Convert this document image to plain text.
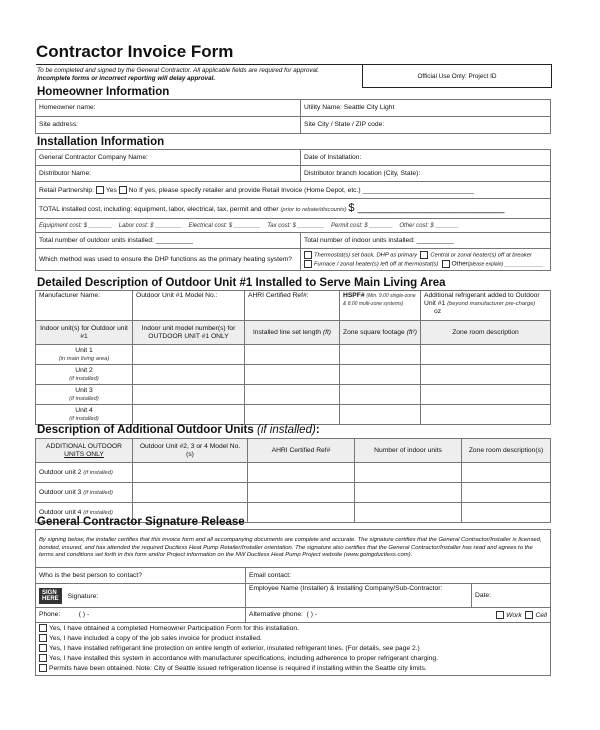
Contractor Invoice Form
To be completed and signed by the General Contractor. All applicable fields are required for approval.
Incomplete forms or incorrect reporting will delay approval.	Official Use Only: Project ID
Homeowner Information
Homeowner name:	Utility Name: Seattle City Light
Site address:	Site City / State / ZIP code:
Installation Information
General Contractor Company Name:	Date of Installation:
Distributor Name:	Distributor branch location (City, State):
Retail Partnership: Yes No If yes, please specify retailer and provide Retail Invoice (Home Depot, etc.) ______________________________	
TOTAL installed cost, including: equipment, labor, electrical, tax, permit and other (prior to rebate/discounts) $ ________________________	
Equipment cost: $ _______ Labor cost: $ ________ Electrical cost: $ ________ Tax cost: $ ________ Permit cost: $ _______ Other cost: $ _______	
Total number of outdoor units installed: __________	Total number of indoor units installed: __________
Which method was used to ensure the DHP functions as the primary heating system?	Thermostat(s) set back, DHP as primary Central or zonal heater(s) off at breaker
Furnace / zonal heater(s) left off at thermostat(s) Other(please explain) ____________
Detailed Description of Outdoor Unit #1 Installed to Serve Main Living Area
Manufacturer Name:	Outdoor Unit #1 Model No.:	AHRI Certified Ref#:	HSPF# (Min. 9.00 single-zone & 8.00 multi-zone systems)	Additional refrigerant added to Outdoor Unit #1 (beyond manufacturer pre-charge) oz
Indoor unit(s) for Outdoor unit #1	Indoor unit model number(s) for OUTDOOR UNIT #1 ONLY	Installed line set length (ft)	Zone square footage (ft²)	Zone room description

Unit 1
(in main living area)				

Unit 2
(if installed)				

Unit 3
(if installed)				

Unit 4
(if installed)				

Description of Additional Outdoor Units (if installed):
ADDITIONAL OUTDOOR
UNITS ONLY	Outdoor Unit #2, 3 or 4 Model No.(s)	AHRI Certified Ref#	Number of indoor units	Zone room description(s)
Outdoor unit 2 (if installed)				
Outdoor unit 3 (if installed)				
Outdoor unit 4 (if installed)				
General Contractor Signature Release
By signing below, the installer certifies that this invoice form and all accompanying documents are complete and accurate. The signature certifies that the General Contractor/Installer is licensed, bonded, insured, and has attended the required Ductless Heat Pump Retailer/Installer orientation. The signature also certifies that the General Contractor/Installer has read and agrees to the terms and conditions set forth in this form and/or Project information on the NW Ductless Heat Pump Project website (www.goingductless.com).		
Who is the best person to contact?	Email contact:	
SIGN
HERE Signature:	Employee Name (Installer) & Installing Company/Sub-Contractor:	Date:
Phone: ( ) -	Alternative phone: ( ) - Work Cell	

Yes, I have obtained a completed Homeowner Participation Form for this installation.
Yes, I have included a copy of the job sales invoice for product installed.
Yes, I have installed refrigerant line protection on entire length of exterior, insulated refrigerant lines. (For details, see page 2.)
Yes, I have installed this system in accordance with manufacturer specifications, including adherence to proper refrigerant charging.
Permits have been obtained. Note: City of Seattle issued refrigeration license is required if installing within the Seattle city limits.		
